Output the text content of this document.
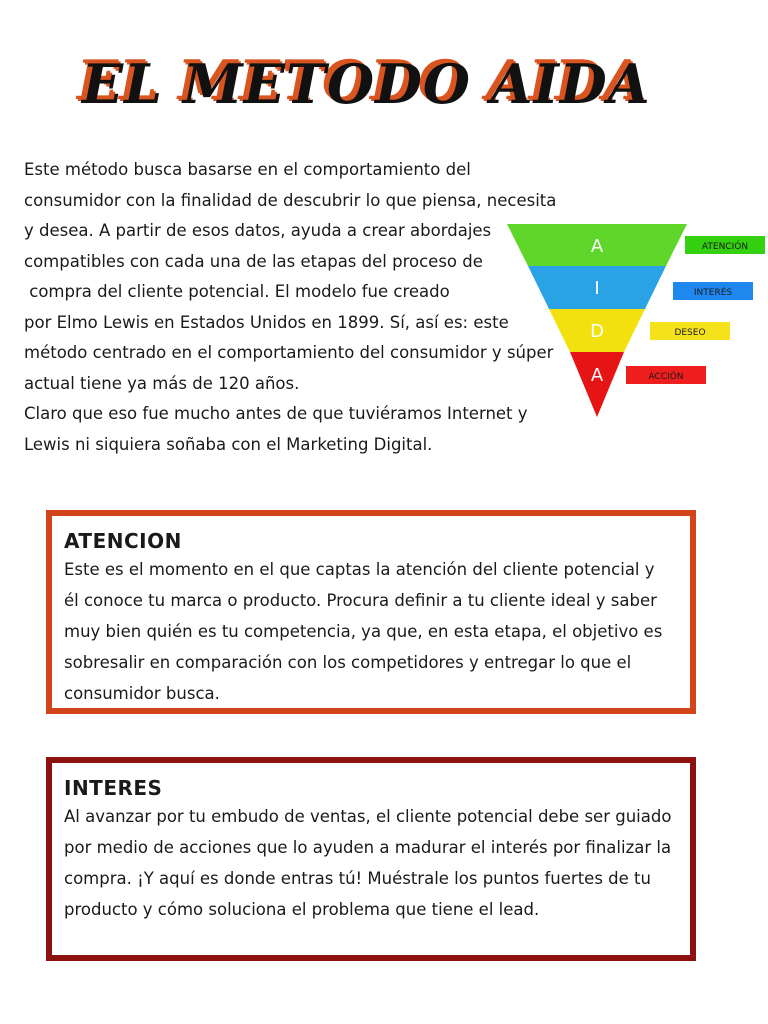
EL METODO AIDA

Este método busca basarse en el comportamiento del

consumidor con la finalidad de descubrir lo que piensa, necesita

y desea. A partir de esos datos, ayuda a crear abordajes

compatibles con cada una de las etapas del proceso de

compra del cliente potencial. El modelo fue creado

por Elmo Lewis en Estados Unidos en 1899. Sí, así es: este

método centrado en el comportamiento del consumidor y súper

actual tiene ya más de 120 años.

Claro que eso fue mucho antes de que tuviéramos Internet y

Lewis ni siquiera soñaba con el Marketing Digital.

A
I
D
A
ATENCIÓN
INTERÉS
DESEO
ACCIÓN
ATENCION

Este es el momento en el que captas la atención del cliente potencial y

él conoce tu marca o producto. Procura definir a tu cliente ideal y saber

muy bien quién es tu competencia, ya que, en esta etapa, el objetivo es

sobresalir en comparación con los competidores y entregar lo que el

consumidor busca.

INTERES

Al avanzar por tu embudo de ventas, el cliente potencial debe ser guiado

por medio de acciones que lo ayuden a madurar el interés por finalizar la

compra. ¡Y aquí es donde entras tú! Muéstrale los puntos fuertes de tu

producto y cómo soluciona el problema que tiene el lead.
